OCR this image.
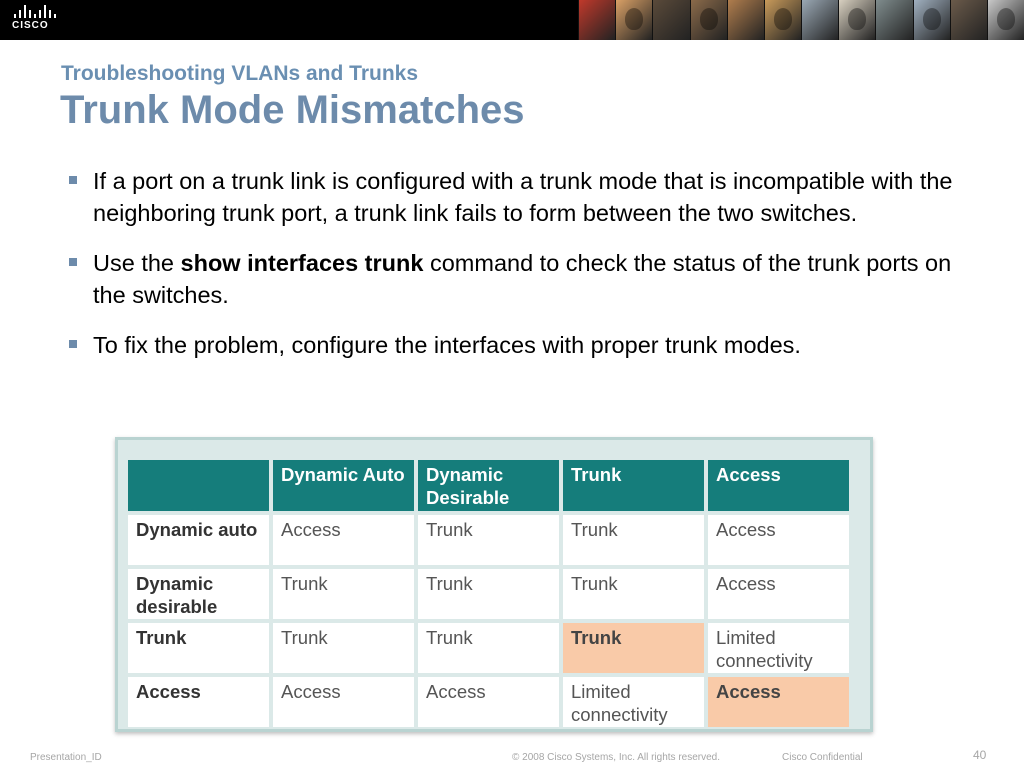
CISCO
Troubleshooting VLANs and Trunks
Trunk Mode Mismatches
If a port on a trunk link is configured with a trunk mode that is incompatible with the neighboring trunk port, a trunk link fails to form between the two switches.
Use the show interfaces trunk command to check the status of the trunk ports on the switches.
To fix the problem, configure the interfaces with proper trunk modes.
	Dynamic Auto	Dynamic Desirable	Trunk	Access
Dynamic auto	Access	Trunk	Trunk	Access
Dynamic desirable	Trunk	Trunk	Trunk	Access
Trunk	Trunk	Trunk	Trunk	Limited connectivity
Access	Access	Access	Limited connectivity	Access
Presentation_ID	© 2008 Cisco Systems, Inc. All rights reserved.	Cisco Confidential	40
